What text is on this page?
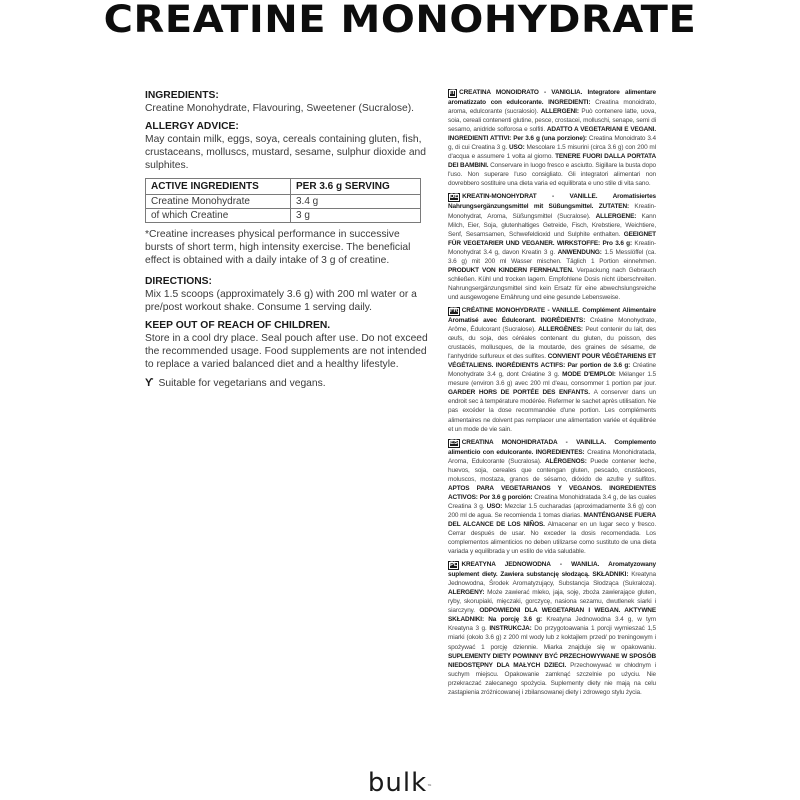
CREATINE MONOHYDRATE
INGREDIENTS:
Creatine Monohydrate, Flavouring, Sweetener (Sucralose).
ALLERGY ADVICE:
May contain milk, eggs, soya, cereals containing gluten, fish, crustaceans, molluscs, mustard, sesame, sulphur dioxide and sulphites.
ACTIVE INGREDIENTS	PER 3.6 g SERVING
Creatine Monohydrate	3.4 g
of which Creatine	3 g
*Creatine increases physical performance in successive bursts of short term, high intensity exercise. The beneficial effect is obtained with a daily intake of 3 g of creatine.
DIRECTIONS:
Mix 1.5 scoops (approximately 3.6 g) with 200 ml water or a pre/post workout shake. Consume 1 serving daily.
KEEP OUT OF REACH OF CHILDREN.
Store in a cool dry place. Seal pouch after use. Do not exceed the recommended usage. Food supplements are not intended to replace a varied balanced diet and a healthy lifestyle.
ϒ Suitable for vegetarians and vegans.
IT CREATINA MONOIDRATO - VANIGLIA. Integratore alimentare aromatizzato con edulcorante. INGREDIENTI: Creatina monoidrato, aroma, edulcorante (sucralosio). ALLERGENI: Può contenere latte, uova, soia, cereali contenenti glutine, pesce, crostacei, molluschi, senape, semi di sesamo, anidride solforosa e solfiti. ADATTO A VEGETARIANI E VEGANI. INGREDIENTI ATTIVI: Per 3.6 g (una porzione): Creatina Monoidrato 3.4 g, di cui Creatina 3 g. USO: Mescolare 1.5 misurini (circa 3.6 g) con 200 ml d'acqua e assumere 1 volta al giorno. TENERE FUORI DALLA PORTATA DEI BAMBINI. Conservare in luogo fresco e asciutto. Sigillare la busta dopo l'uso. Non superare l'uso consigliato. Gli integratori alimentari non dovrebbero sostituire una dieta varia ed equilibrata e uno stile di vita sano.
DE KREATIN-MONOHYDRAT - VANILLE. Aromatisiertes Nahrungsergänzungsmittel mit Süßungsmittel. ZUTATEN: Kreatin-Monohydrat, Aroma, Süßungsmittel (Sucralose). ALLERGENE: Kann Milch, Eier, Soja, glutenhaltiges Getreide, Fisch, Krebstiere, Weichtiere, Senf, Sesamsamen, Schwefeldioxid und Sulphite enthalten. GEEIGNET FÜR VEGETARIER UND VEGANER. WIRKSTOFFE: Pro 3.6 g: Kreatin-Monohydrat 3.4 g, davon Kreatin 3 g. ANWENDUNG: 1.5 Messlöffel (ca. 3.6 g) mit 200 ml Wasser mischen. Täglich 1 Portion einnehmen. PRODUKT VON KINDERN FERNHALTEN. Verpackung nach Gebrauch schließen. Kühl und trocken lagern. Empfohlene Dosis nicht überschreiten. Nahrungsergänzungsmittel sind kein Ersatz für eine abwechslungsreiche und ausgewogene Ernährung und eine gesunde Lebensweise.
FR CRÉATINE MONOHYDRATE - VANILLE. Complément Alimentaire Aromatisé avec Édulcorant. INGRÉDIENTS: Créatine Monohydrate, Arôme, Édulcorant (Sucralose). ALLERGÈNES: Peut contenir du lait, des œufs, du soja, des céréales contenant du gluten, du poisson, des crustacés, mollusques, de la moutarde, des graines de sésame, de l'anhydride sulfureux et des sulfites. CONVIENT POUR VÉGÉTARIENS ET VÉGÉTALIENS. INGRÉDIENTS ACTIFS: Par portion de 3.6 g: Créatine Monohydrate 3.4 g, dont Créatine 3 g. MODE D'EMPLOI: Mélanger 1.5 mesure (environ 3.6 g) avec 200 ml d'eau, consommer 1 portion par jour. GARDER HORS DE PORTÉE DES ENFANTS. A conserver dans un endroit sec à température modérée. Refermer le sachet après utilisation. Ne pas excéder la dose recommandée d'une portion. Les compléments alimentaires ne doivent pas remplacer une alimentation variée et équilibrée et un mode de vie sain.
ES CREATINA MONOHIDRATADA - VAINILLA. Complemento alimenticio con edulcorante. INGREDIENTES: Creatina Monohidratada, Aroma, Edulcorante (Sucralosa). ALÉRGENOS: Puede contener leche, huevos, soja, cereales que contengan gluten, pescado, crustáceos, moluscos, mostaza, granos de sésamo, dióxido de azufre y sulfitos. APTOS PARA VEGETARIANOS Y VEGANOS. INGREDIENTES ACTIVOS: Por 3.6 g porción: Creatina Monohidratada 3.4 g, de las cuales Creatina 3 g. USO: Mezclar 1.5 cucharadas (aproximadamente 3.6 g) con 200 ml de agua. Se recomienda 1 tomas diarias. MANTÉNGANSE FUERA DEL ALCANCE DE LOS NIÑOS. Almacenar en un lugar seco y fresco. Cerrar después de usar. No exceder la dosis recomendada. Los complementos alimenticios no deben utilizarse como sustituto de una dieta variada y equilibrada y un estilo de vida saludable.
PL KREATYNA JEDNOWODNA - WANILIA. Aromatyzowany suplement diety. Zawiera substancję słodzącą. SKŁADNIKI: Kreatyna Jednowodna, Środek Aromatyzujący, Substancja Słodząca (Sukraloza). ALERGENY: Może zawierać mleko, jaja, soję, zboża zawierające gluten, ryby, skorupiaki, mięczaki, gorczycę, nasiona sezamu, dwutlenek siarki i siarczyny. ODPOWIEDNI DLA WEGETARIAN I WEGAN. AKTYWNE SKŁADNIKI: Na porcję 3.6 g: Kreatyna Jednowodna 3.4 g, w tym Kreatyna 3 g. INSTRUKCJA: Do przygotoawania 1 porcji wymieszać 1,5 miarki (około 3.6 g) z 200 ml wody lub z koktajlem przed/ po treningowym i spożywać 1 porcję dziennie. Miarka znajduje się w opakowaniu. SUPLEMENTY DIETY POWINNY BYĆ PRZECHOWYWANE W SPOSÓB NIEDOSTĘPNY DLA MAŁYCH DZIECI. Przechowywać w chłodnym i suchym miejscu. Opakowanie zamknąć szczelnie po użyciu. Nie przekraczać zalecanego spożycia. Suplementy diety nie mają na celu zastąpienia zróżnicowanej i zbilansowanej diety i zdrowego stylu życia.
bulk™
